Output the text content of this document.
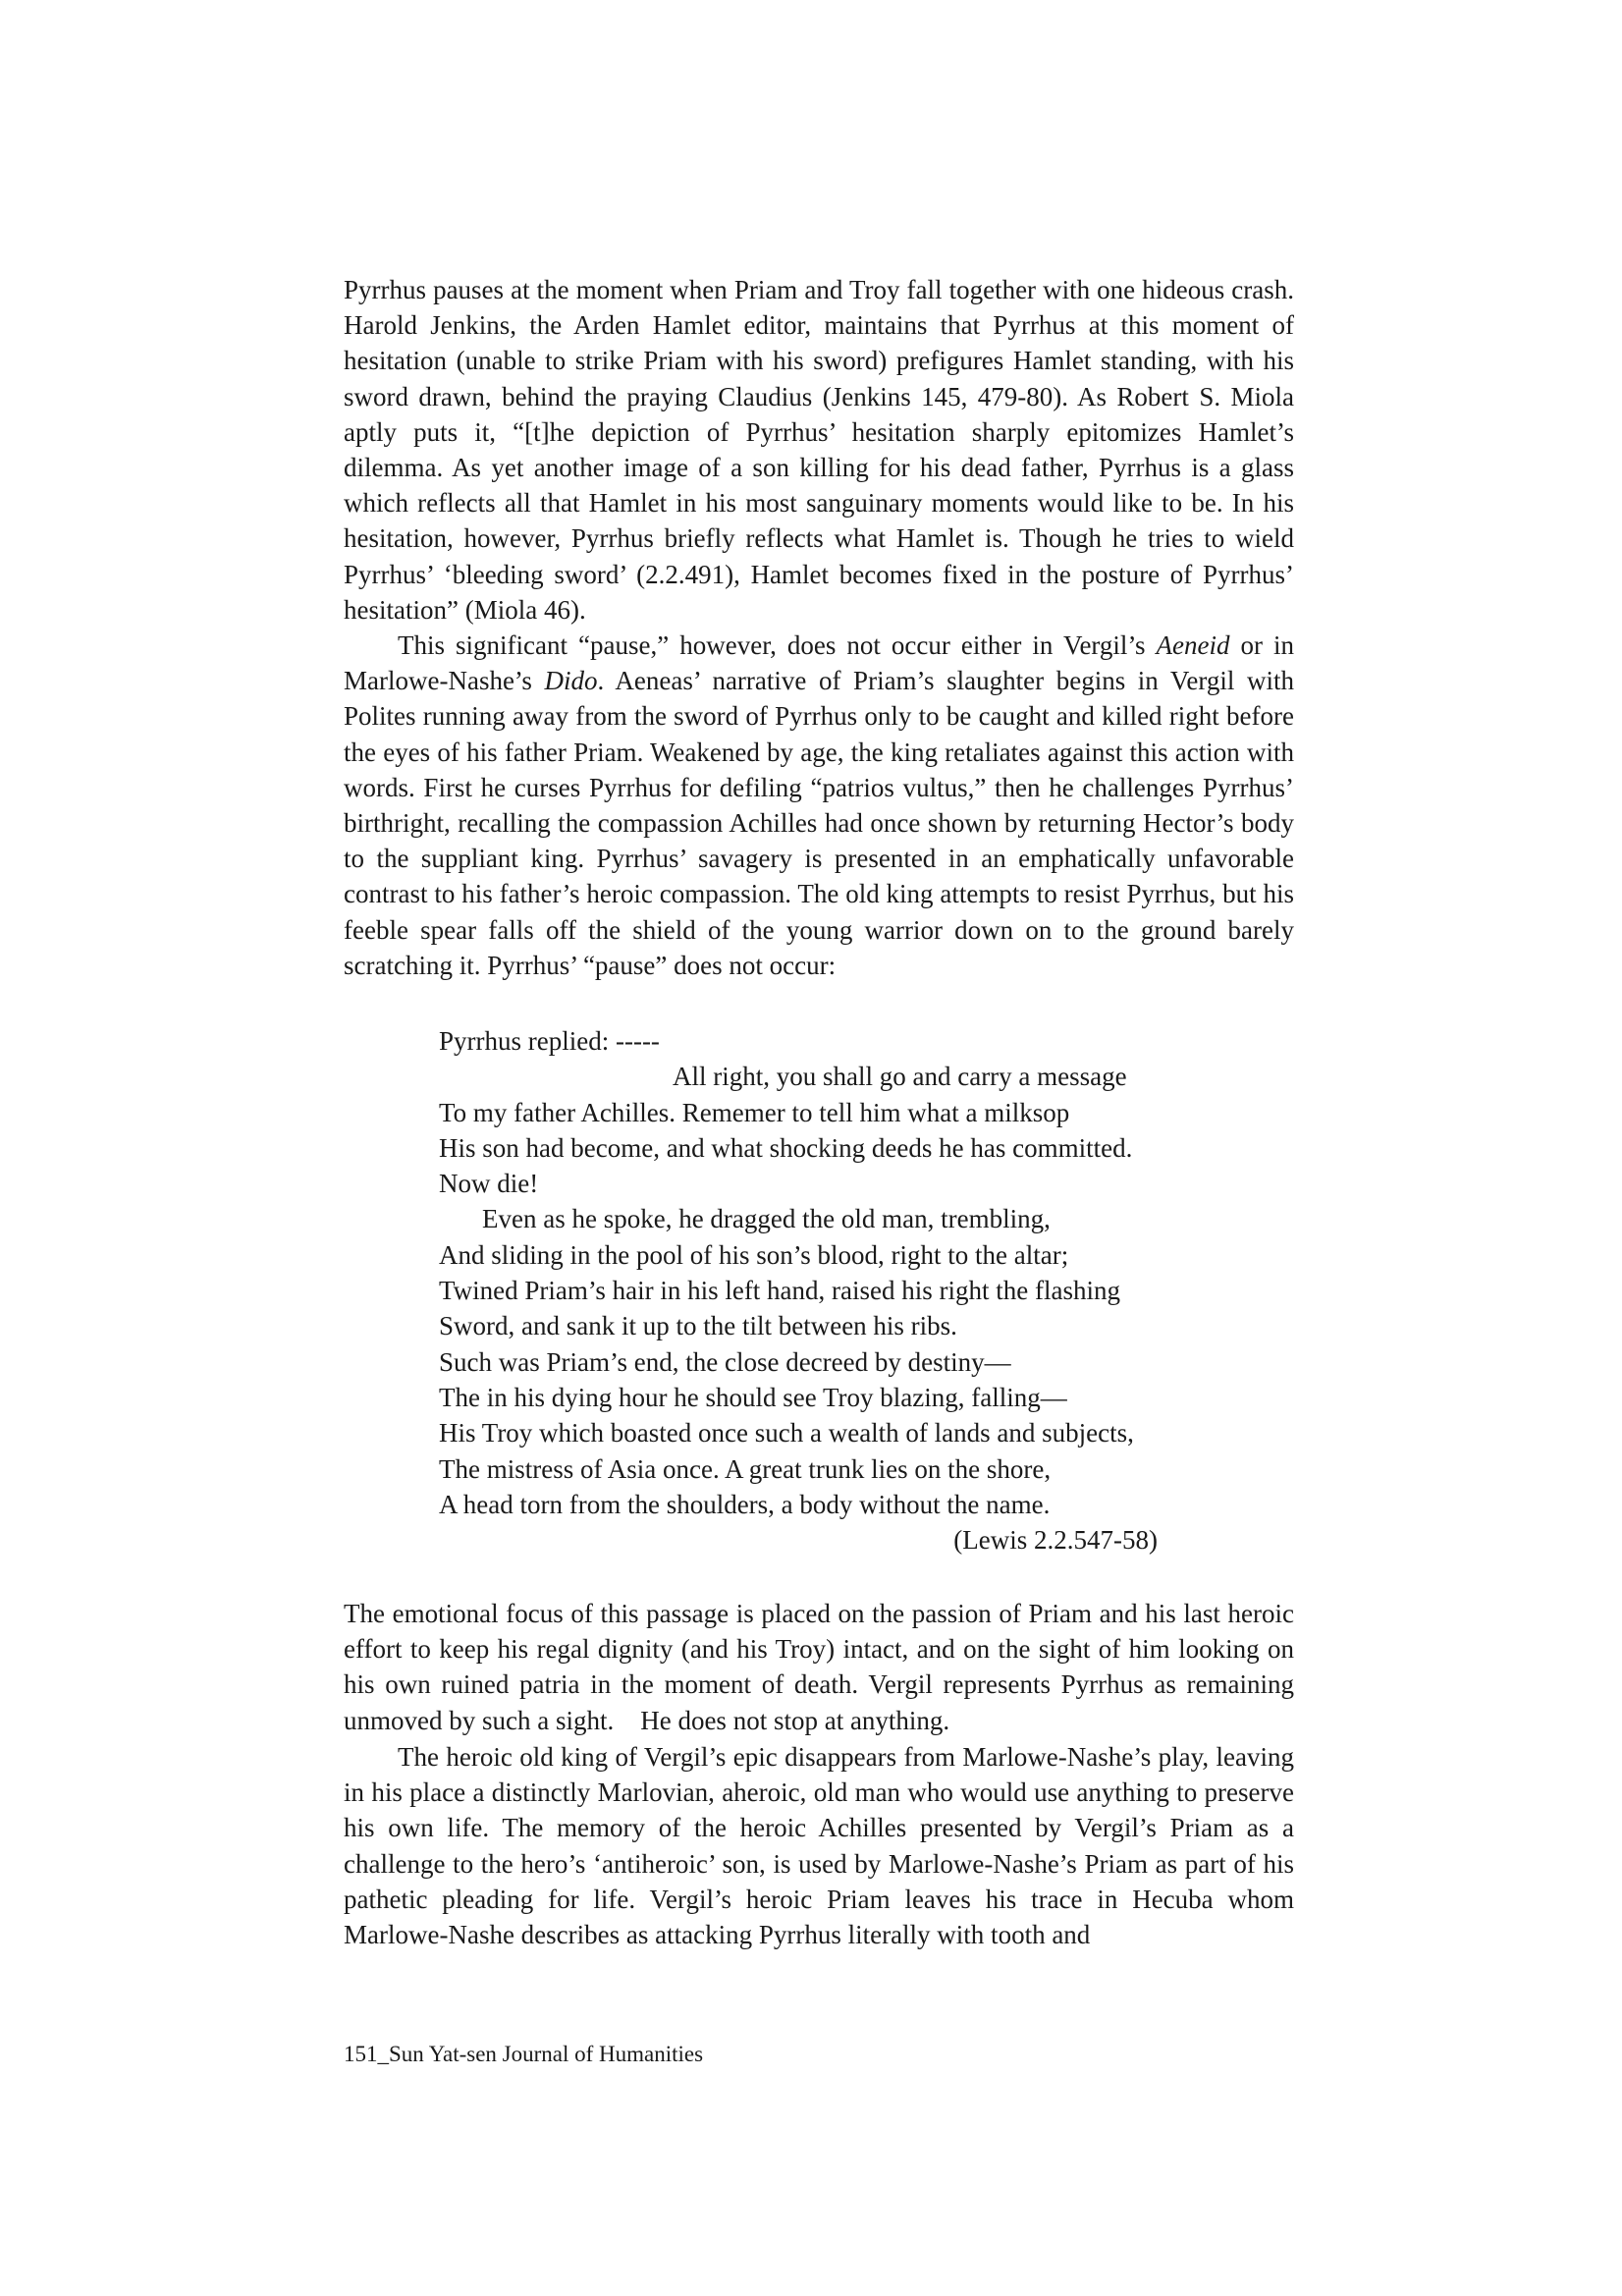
Pyrrhus pauses at the moment when Priam and Troy fall together with one hideous crash. Harold Jenkins, the Arden Hamlet editor, maintains that Pyrrhus at this moment of hesitation (unable to strike Priam with his sword) prefigures Hamlet standing, with his sword drawn, behind the praying Claudius (Jenkins 145, 479-80). As Robert S. Miola aptly puts it, “[t]he depiction of Pyrrhus’ hesitation sharply epitomizes Hamlet’s dilemma. As yet another image of a son killing for his dead father, Pyrrhus is a glass which reflects all that Hamlet in his most sanguinary moments would like to be. In his hesitation, however, Pyrrhus briefly reflects what Hamlet is. Though he tries to wield Pyrrhus’ ‘bleeding sword’ (2.2.491), Hamlet becomes fixed in the posture of Pyrrhus’ hesitation” (Miola 46).

This significant “pause,” however, does not occur either in Vergil’s Aeneid or in Marlowe-Nashe’s Dido. Aeneas’ narrative of Priam’s slaughter begins in Vergil with Polites running away from the sword of Pyrrhus only to be caught and killed right before the eyes of his father Priam. Weakened by age, the king retaliates against this action with words. First he curses Pyrrhus for defiling “patrios vultus,” then he challenges Pyrrhus’ birthright, recalling the compassion Achilles had once shown by returning Hector’s body to the suppliant king. Pyrrhus’ savagery is presented in an emphatically unfavorable contrast to his father’s heroic compassion. The old king attempts to resist Pyrrhus, but his feeble spear falls off the shield of the young warrior down on to the ground barely scratching it. Pyrrhus’ “pause” does not occur:

Pyrrhus replied: -----
All right, you shall go and carry a message
To my father Achilles. Rememer to tell him what a milksop
His son had become, and what shocking deeds he has committed.
Now die!
Even as he spoke, he dragged the old man, trembling,
And sliding in the pool of his son’s blood, right to the altar;
Twined Priam’s hair in his left hand, raised his right the flashing
Sword, and sank it up to the tilt between his ribs.
Such was Priam’s end, the close decreed by destiny—
The in his dying hour he should see Troy blazing, falling—
His Troy which boasted once such a wealth of lands and subjects,
The mistress of Asia once. A great trunk lies on the shore,
A head torn from the shoulders, a body without the name.
(Lewis 2.2.547-58)

The emotional focus of this passage is placed on the passion of Priam and his last heroic effort to keep his regal dignity (and his Troy) intact, and on the sight of him looking on his own ruined patria in the moment of death. Vergil represents Pyrrhus as remaining unmoved by such a sight. He does not stop at anything.

The heroic old king of Vergil’s epic disappears from Marlowe-Nashe’s play, leaving in his place a distinctly Marlovian, aheroic, old man who would use anything to preserve his own life. The memory of the heroic Achilles presented by Vergil’s Priam as a challenge to the hero’s ‘antiheroic’ son, is used by Marlowe-Nashe’s Priam as part of his pathetic pleading for life. Vergil’s heroic Priam leaves his trace in Hecuba whom Marlowe-Nashe describes as attacking Pyrrhus literally with tooth and

151_Sun Yat-sen Journal of Humanities
